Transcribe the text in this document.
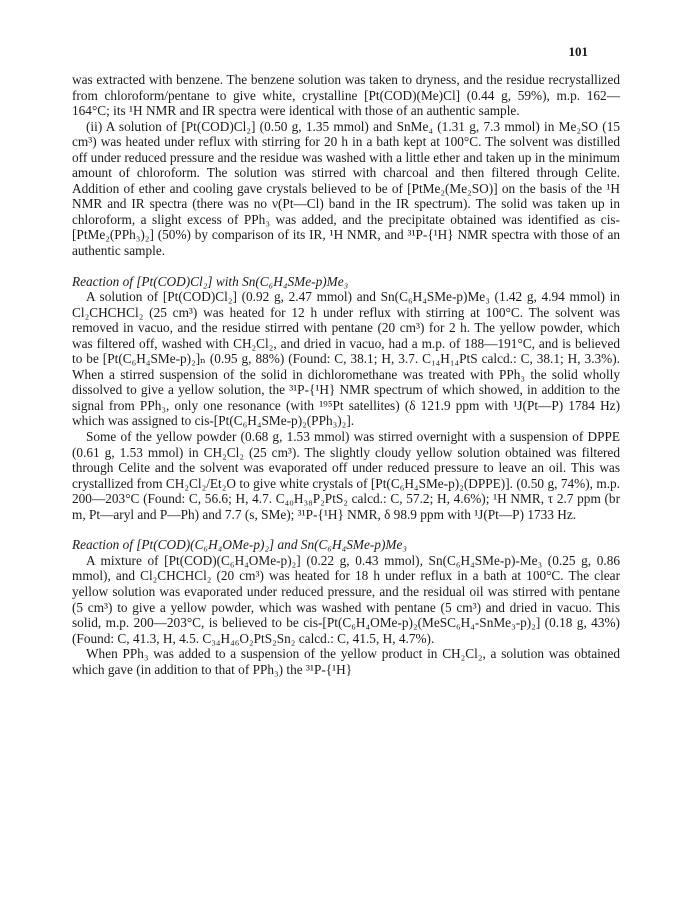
101

was extracted with benzene. The benzene solution was taken to dryness, and the residue recrystallized from chloroform/pentane to give white, crystalline [Pt(COD)(Me)Cl] (0.44 g, 59%), m.p. 162—164°C; its ¹H NMR and IR spectra were identical with those of an authentic sample.

(ii) A solution of [Pt(COD)Cl₂] (0.50 g, 1.35 mmol) and SnMe₄ (1.31 g, 7.3 mmol) in Me₂SO (15 cm³) was heated under reflux with stirring for 20 h in a bath kept at 100°C. The solvent was distilled off under reduced pressure and the residue was washed with a little ether and taken up in the minimum amount of chloroform. The solution was stirred with charcoal and then filtered through Celite. Addition of ether and cooling gave crystals believed to be of [PtMe₂(Me₂SO)] on the basis of the ¹H NMR and IR spectra (there was no ν(Pt—Cl) band in the IR spectrum). The solid was taken up in chloroform, a slight excess of PPh₃ was added, and the precipitate obtained was identified as cis-[PtMe₂(PPh₃)₂] (50%) by comparison of its IR, ¹H NMR, and ³¹P-{¹H} NMR spectra with those of an authentic sample.

Reaction of [Pt(COD)Cl₂] with Sn(C₆H₄SMe-p)Me₃

A solution of [Pt(COD)Cl₂] (0.92 g, 2.47 mmol) and Sn(C₆H₄SMe-p)Me₃ (1.42 g, 4.94 mmol) in Cl₂CHCHCl₂ (25 cm³) was heated for 12 h under reflux with stirring at 100°C. The solvent was removed in vacuo, and the residue stirred with pentane (20 cm³) for 2 h. The yellow powder, which was filtered off, washed with CH₂Cl₂, and dried in vacuo, had a m.p. of 188—191°C, and is believed to be [Pt(C₆H₄SMe-p)₂]ₙ (0.95 g, 88%) (Found: C, 38.1; H, 3.7. C₁₄H₁₄PtS calcd.: C, 38.1; H, 3.3%). When a stirred suspension of the solid in dichloromethane was treated with PPh₃ the solid wholly dissolved to give a yellow solution, the ³¹P-{¹H} NMR spectrum of which showed, in addition to the signal from PPh₃, only one resonance (with ¹⁹⁵Pt satellites) (δ 121.9 ppm with ¹J(Pt—P) 1784 Hz) which was assigned to cis-[Pt(C₆H₄SMe-p)₂(PPh₃)₂].

Some of the yellow powder (0.68 g, 1.53 mmol) was stirred overnight with a suspension of DPPE (0.61 g, 1.53 mmol) in CH₂Cl₂ (25 cm³). The slightly cloudy yellow solution obtained was filtered through Celite and the solvent was evaporated off under reduced pressure to leave an oil. This was crystallized from CH₂Cl₂/Et₂O to give white crystals of [Pt(C₆H₄SMe-p)₂(DPPE)]. (0.50 g, 74%), m.p. 200—203°C (Found: C, 56.6; H, 4.7. C₄₀H₃₈P₂PtS₂ calcd.: C, 57.2; H, 4.6%); ¹H NMR, τ 2.7 ppm (br m, Pt—aryl and P—Ph) and 7.7 (s, SMe); ³¹P-{¹H} NMR, δ 98.9 ppm with ¹J(Pt—P) 1733 Hz.

Reaction of [Pt(COD)(C₆H₄OMe-p)₂] and Sn(C₆H₄SMe-p)Me₃

A mixture of [Pt(COD)(C₆H₄OMe-p)₂] (0.22 g, 0.43 mmol), Sn(C₆H₄SMe-p)-Me₃ (0.25 g, 0.86 mmol), and Cl₂CHCHCl₂ (20 cm³) was heated for 18 h under reflux in a bath at 100°C. The clear yellow solution was evaporated under reduced pressure, and the residual oil was stirred with pentane (5 cm³) to give a yellow powder, which was washed with pentane (5 cm³) and dried in vacuo. This solid, m.p. 200—203°C, is believed to be cis-[Pt(C₆H₄OMe-p)₂(MeSC₆H₄-SnMe₃-p)₂] (0.18 g, 43%) (Found: C, 41.3, H, 4.5. C₃₄H₄₆O₂PtS₂Sn₂ calcd.: C, 41.5, H, 4.7%).

When PPh₃ was added to a suspension of the yellow product in CH₂Cl₂, a solution was obtained which gave (in addition to that of PPh₃) the ³¹P-{¹H}
